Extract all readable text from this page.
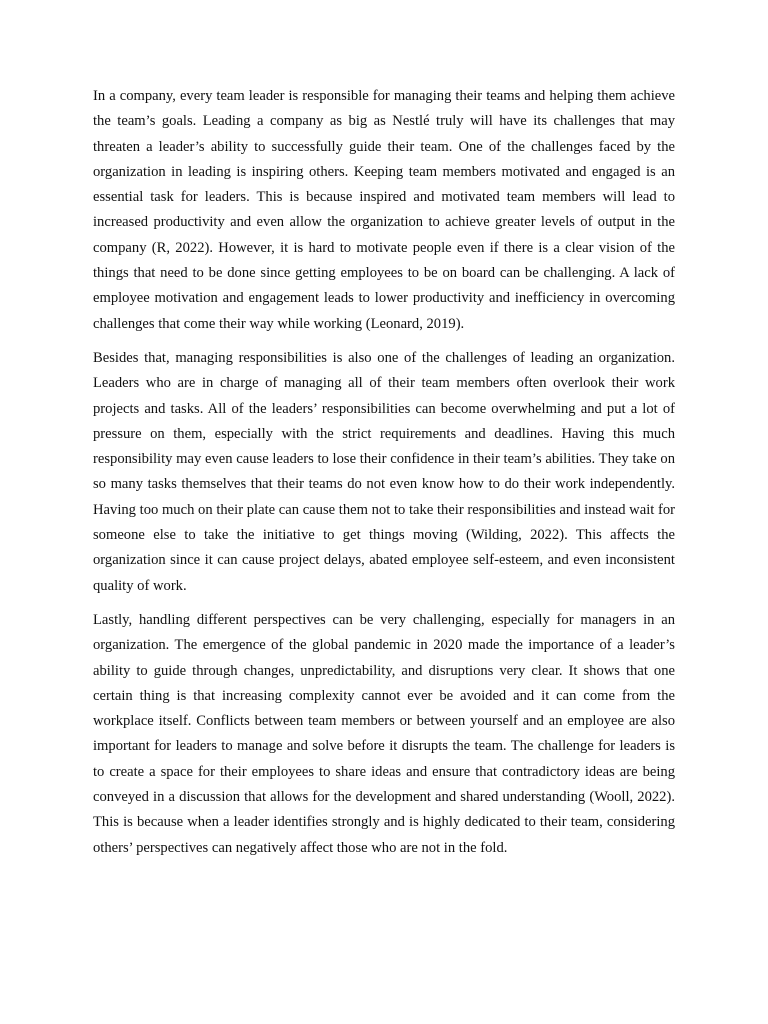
In a company, every team leader is responsible for managing their teams and helping them achieve the team’s goals. Leading a company as big as Nestlé truly will have its challenges that may threaten a leader’s ability to successfully guide their team. One of the challenges faced by the organization in leading is inspiring others. Keeping team members motivated and engaged is an essential task for leaders. This is because inspired and motivated team members will lead to increased productivity and even allow the organization to achieve greater levels of output in the company (R, 2022). However, it is hard to motivate people even if there is a clear vision of the things that need to be done since getting employees to be on board can be challenging. A lack of employee motivation and engagement leads to lower productivity and inefficiency in overcoming challenges that come their way while working (Leonard, 2019).

Besides that, managing responsibilities is also one of the challenges of leading an organization. Leaders who are in charge of managing all of their team members often overlook their work projects and tasks. All of the leaders’ responsibilities can become overwhelming and put a lot of pressure on them, especially with the strict requirements and deadlines. Having this much responsibility may even cause leaders to lose their confidence in their team’s abilities. They take on so many tasks themselves that their teams do not even know how to do their work independently. Having too much on their plate can cause them not to take their responsibilities and instead wait for someone else to take the initiative to get things moving (Wilding, 2022). This affects the organization since it can cause project delays, abated employee self-esteem, and even inconsistent quality of work.

Lastly, handling different perspectives can be very challenging, especially for managers in an organization. The emergence of the global pandemic in 2020 made the importance of a leader’s ability to guide through changes, unpredictability, and disruptions very clear. It shows that one certain thing is that increasing complexity cannot ever be avoided and it can come from the workplace itself. Conflicts between team members or between yourself and an employee are also important for leaders to manage and solve before it disrupts the team. The challenge for leaders is to create a space for their employees to share ideas and ensure that contradictory ideas are being conveyed in a discussion that allows for the development and shared understanding (Wooll, 2022). This is because when a leader identifies strongly and is highly dedicated to their team, considering others’ perspectives can negatively affect those who are not in the fold.
